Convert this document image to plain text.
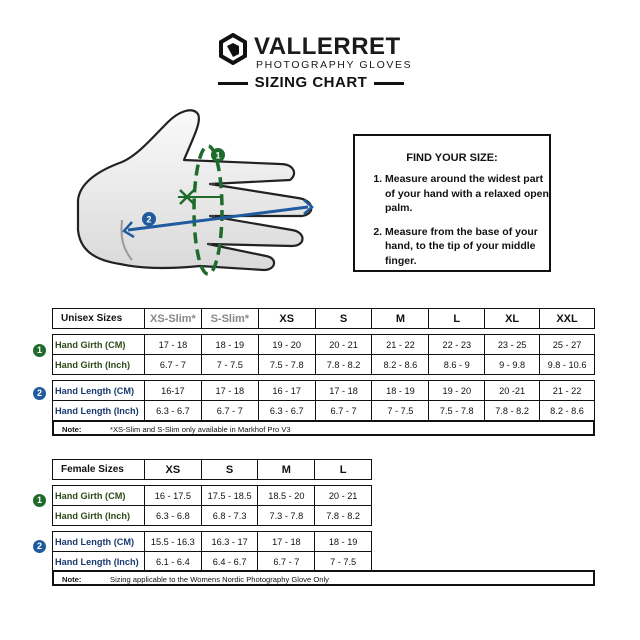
VALLERRET
PHOTOGRAPHY GLOVES
SIZING CHART
1
2
FIND YOUR SIZE:
1. Measure around the widest part of your hand with a relaxed open palm.
2. Measure from the base of your hand, to the tip of your middle finger.
1
2
Unisex Sizes	XS-Slim*	S-Slim*	XS	S	M	L	XL	XXL

Hand Girth (CM)	17 - 18	18 - 19	19 - 20	20 - 21	21 - 22	22 - 23	23 - 25	25 - 27
Hand Girth (Inch)	6.7 - 7	7 - 7.5	7.5 - 7.8	7.8 - 8.2	8.2 - 8.6	8.6 - 9	9 - 9.8	9.8 - 10.6

Hand Length (CM)	16-17	17 - 18	16 - 17	17 - 18	18 - 19	19 - 20	20 -21	21 - 22
Hand Length (Inch)	6.3 - 6.7	6.7 - 7	6.3 - 6.7	6.7 - 7	7 - 7.5	7.5 - 7.8	7.8 - 8.2	8.2 - 8.6
Note:	*XS-Slim and S-Slim only available in Markhof Pro V3
1
2
Female Sizes	XS	S	M	L

Hand Girth (CM)	16 - 17.5	17.5 - 18.5	18.5 - 20	20 - 21
Hand Girth (Inch)	6.3 - 6.8	6.8 - 7.3	7.3 - 7.8	7.8 - 8.2

Hand Length (CM)	15.5 - 16.3	16.3 - 17	17 - 18	18 - 19
Hand Length (Inch)	6.1 - 6.4	6.4 - 6.7	6.7 - 7	7 - 7.5
Note:	Sizing applicable to the Womens Nordic Photography Glove Only
